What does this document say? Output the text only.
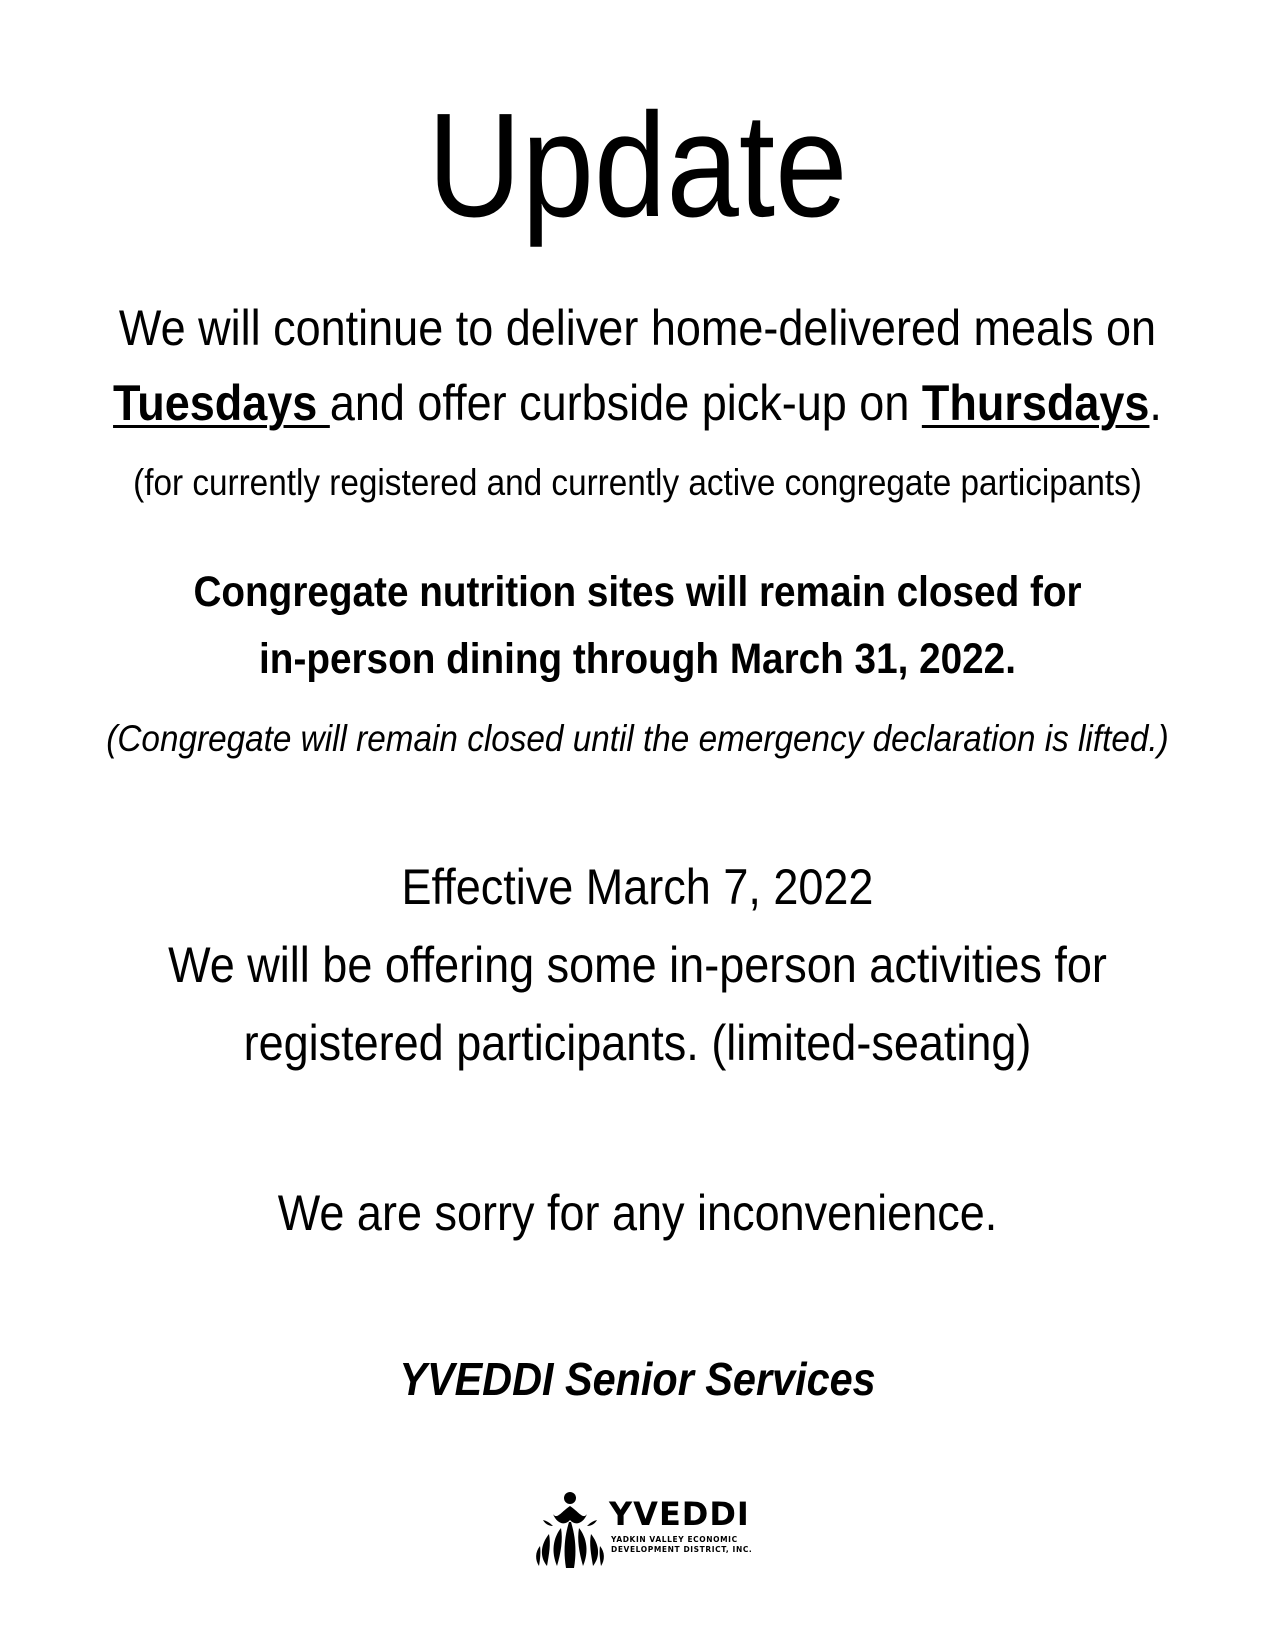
Update
We will continue to deliver home-delivered meals on
Tuesdays and offer curbside pick-up on Thursdays.
(for currently registered and currently active congregate participants)
Congregate nutrition sites will remain closed for
in-person dining through March 31, 2022.
(Congregate will remain closed until the emergency declaration is lifted.)
Effective March 7, 2022
We will be offering some in-person activities for
registered participants. (limited-seating)
We are sorry for any inconvenience.
YVEDDI Senior Services
YVEDDI
YADKIN VALLEY ECONOMIC
DEVELOPMENT DISTRICT, INC.
